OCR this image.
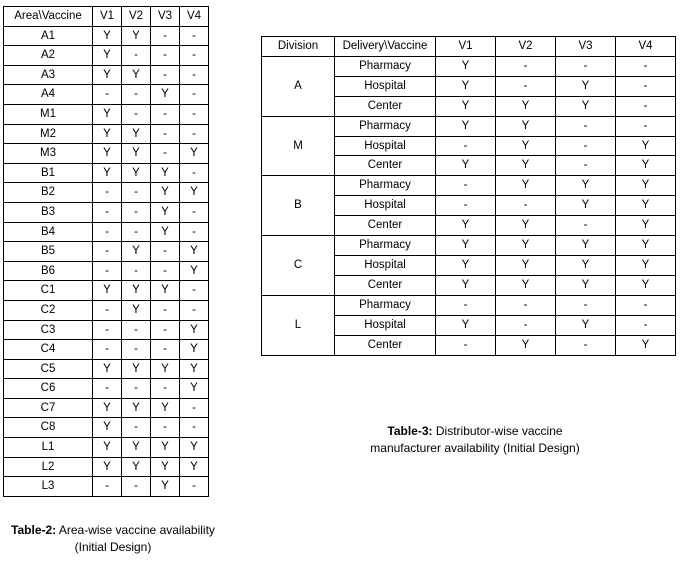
Area\Vaccine	V1	V2	V3	V4
A1	Y	Y	-	-
A2	Y	-	-	-
A3	Y	Y	-	-
A4	-	-	Y	-
M1	Y	-	-	-
M2	Y	Y	-	-
M3	Y	Y	-	Y
B1	Y	Y	Y	-
B2	-	-	Y	Y
B3	-	-	Y	-
B4	-	-	Y	-
B5	-	Y	-	Y
B6	-	-	-	Y
C1	Y	Y	Y	-
C2	-	Y	-	-
C3	-	-	-	Y
C4	-	-	-	Y
C5	Y	Y	Y	Y
C6	-	-	-	Y
C7	Y	Y	Y	-
C8	Y	-	-	-
L1	Y	Y	Y	Y
L2	Y	Y	Y	Y
L3	-	-	Y	-
Division	Delivery\Vaccine	V1	V2	V3	V4
A	Pharmacy	Y	-	-	-
	Hospital	Y	-	Y	-
	Center	Y	Y	Y	-
M	Pharmacy	Y	Y	-	-
	Hospital	-	Y	-	Y
	Center	Y	Y	-	Y
B	Pharmacy	-	Y	Y	Y
	Hospital	-	-	Y	Y
	Center	Y	Y	-	Y
C	Pharmacy	Y	Y	Y	Y
	Hospital	Y	Y	Y	Y
	Center	Y	Y	Y	Y
L	Pharmacy	-	-	-	-
	Hospital	Y	-	Y	-
	Center	-	Y	-	Y
Table-2: Area-wise vaccine availability
(Initial Design)
Table-3: Distributor-wise vaccine
manufacturer availability (Initial Design)
